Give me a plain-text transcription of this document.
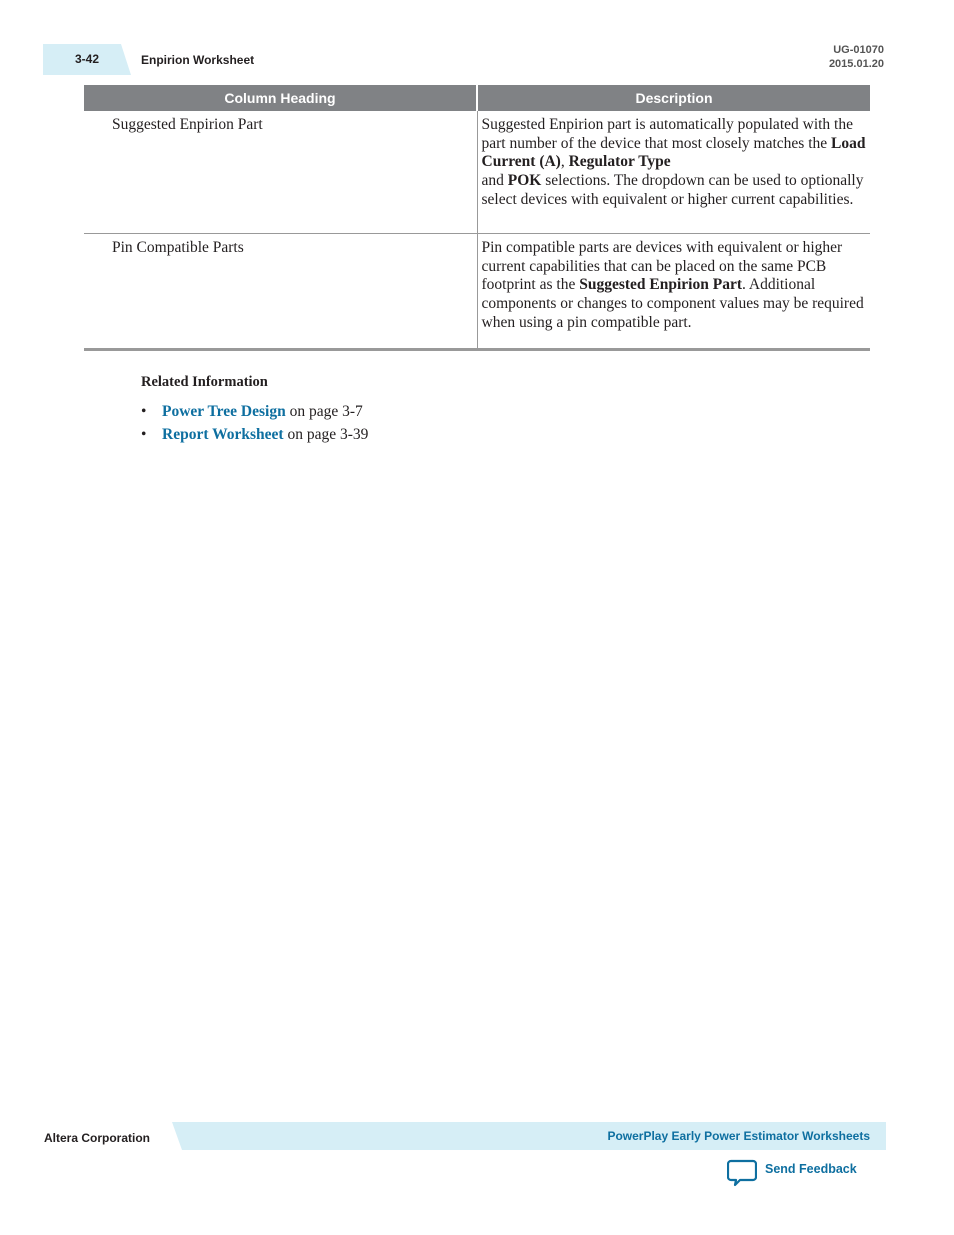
3-42	Enpirion Worksheet
UG-01070
2015.01.20
Column Heading	Description
Suggested Enpirion Part	Suggested Enpirion part is automatically populated with the part number of the device that most closely matches the Load Current (A), Regulator Type
and POK selections. The dropdown can be used to optionally select devices with equivalent or higher current capabilities.
Pin Compatible Parts	Pin compatible parts are devices with equivalent or higher current capabilities that can be placed on the same PCB footprint as the Suggested Enpirion Part. Additional components or changes to component values may be required when using a pin compatible part.
Related Information
• Power Tree Design on page 3-7
• Report Worksheet on page 3-39
Altera Corporation	PowerPlay Early Power Estimator Worksheets
Send Feedback
